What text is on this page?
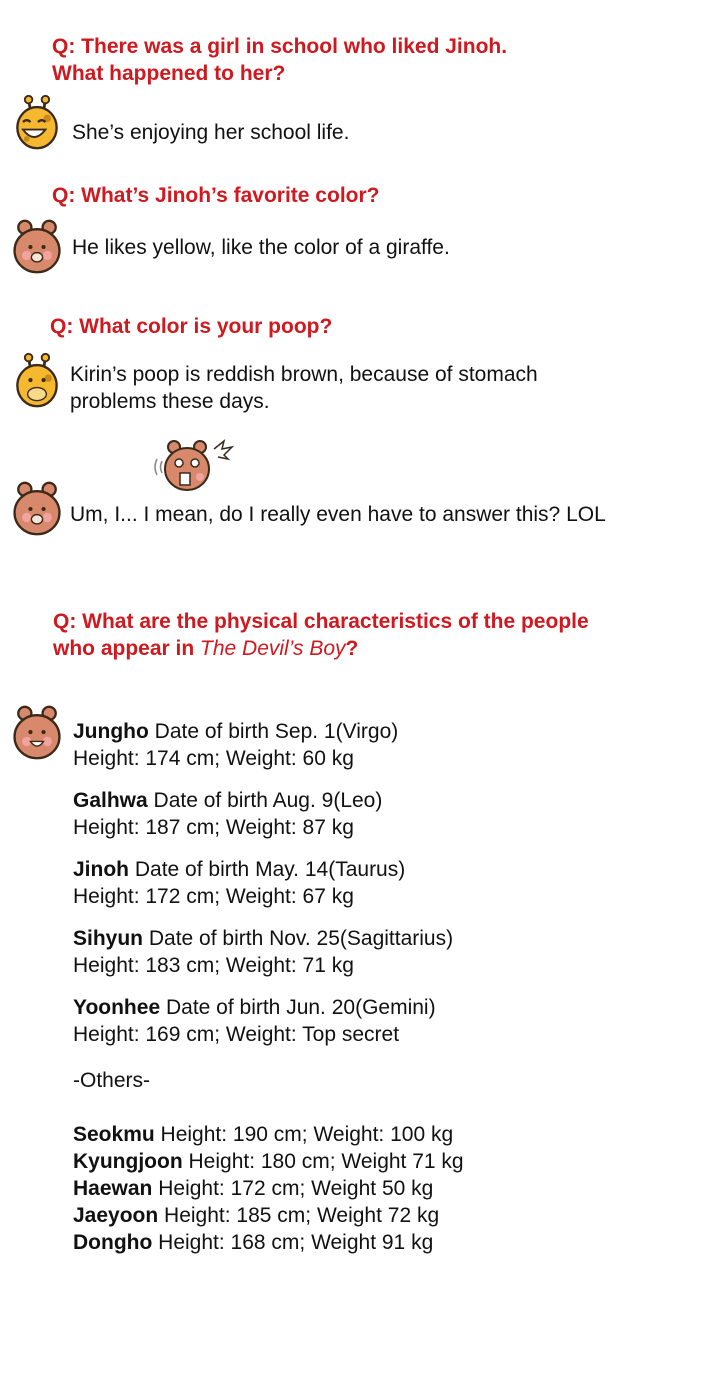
Q: There was a girl in school who liked Jinoh.
What happened to her?
She’s enjoying her school life.
Q: What’s Jinoh’s favorite color?
He likes yellow, like the color of a giraffe.
Q: What color is your poop?
Kirin’s poop is reddish brown, because of stomach
problems these days.
Um, I... I mean, do I really even have to answer this? LOL
Q: What are the physical characteristics of the people
who appear in The Devil’s Boy?
Jungho Date of birth Sep. 1(Virgo)
Height: 174 cm; Weight: 60 kg
Galhwa Date of birth Aug. 9(Leo)
Height: 187 cm; Weight: 87 kg
Jinoh Date of birth May. 14(Taurus)
Height: 172 cm; Weight: 67 kg
Sihyun Date of birth Nov. 25(Sagittarius)
Height: 183 cm; Weight: 71 kg
Yoonhee Date of birth Jun. 20(Gemini)
Height: 169 cm; Weight: Top secret
-Others-
Seokmu Height: 190 cm; Weight: 100 kg
Kyungjoon Height: 180 cm; Weight 71 kg
Haewan Height: 172 cm; Weight 50 kg
Jaeyoon Height: 185 cm; Weight 72 kg
Dongho Height: 168 cm; Weight 91 kg
